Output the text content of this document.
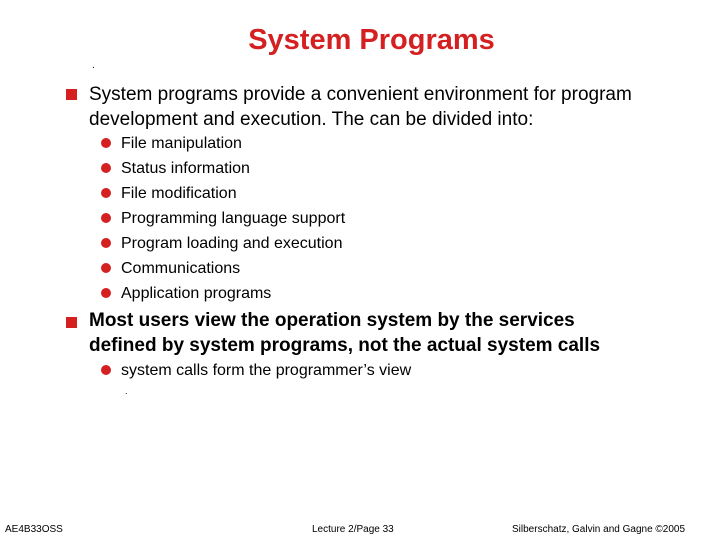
System Programs
.
System programs provide a convenient environment for program
development and execution. The can be divided into:
File manipulation
Status information
File modification
Programming language support
Program loading and execution
Communications
Application programs
Most users view the operation system by the services
defined by system programs, not the actual system calls
system calls form the programmer’s view
.
AE4B33OSS	Lecture 2/Page 33	Silberschatz, Galvin and Gagne ©2005
